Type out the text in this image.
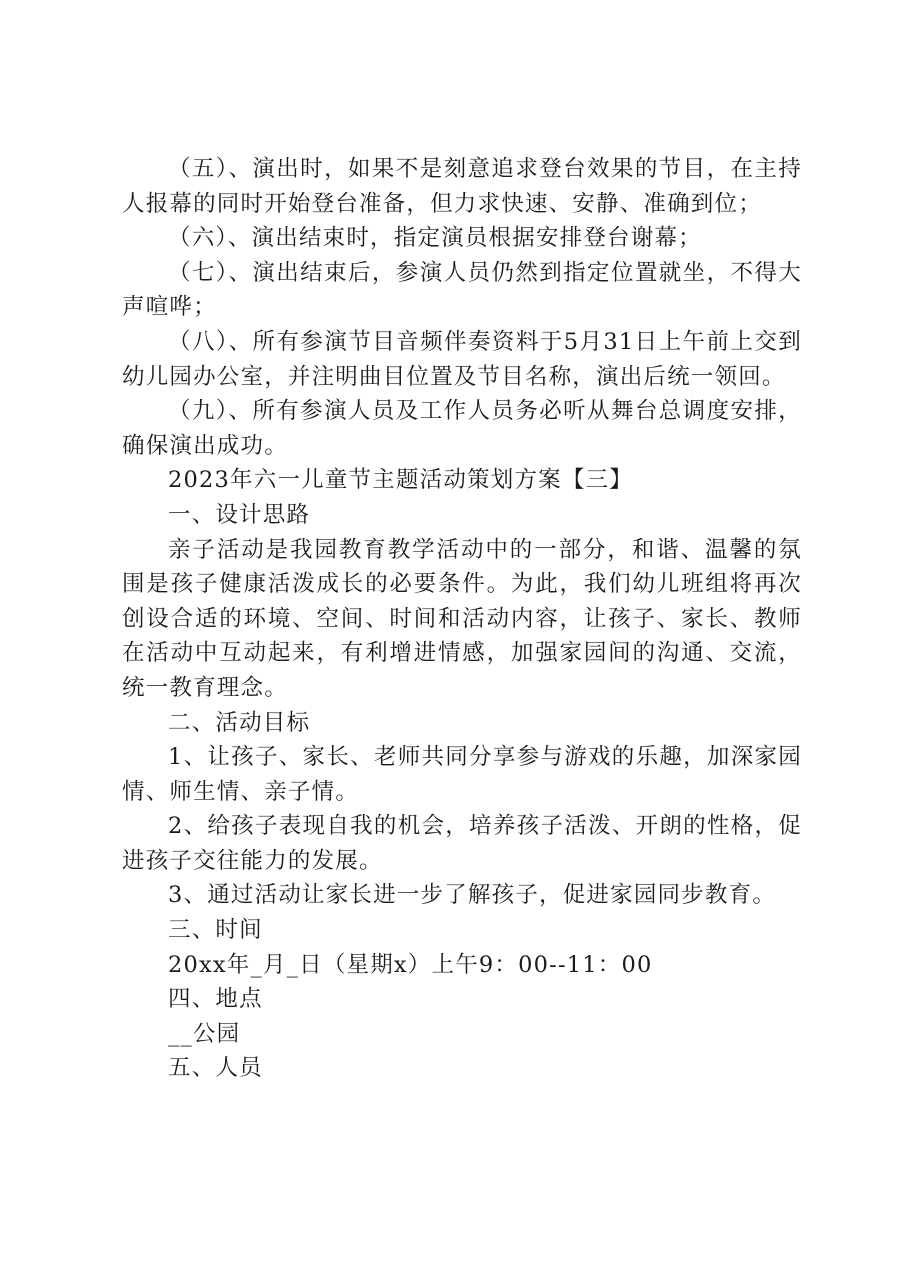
（五）、演出时，如果不是刻意追求登台效果的节目，在主持人报幕的同时开始登台准备，但力求快速、安静、准确到位；

（六）、演出结束时，指定演员根据安排登台谢幕；

（七）、演出结束后，参演人员仍然到指定位置就坐，不得大声喧哗；

（八）、所有参演节目音频伴奏资料于5月31日上午前上交到幼儿园办公室，并注明曲目位置及节目名称，演出后统一领回。

（九）、所有参演人员及工作人员务必听从舞台总调度安排，确保演出成功。

2023年六一儿童节主题活动策划方案【三】

一、设计思路

亲子活动是我园教育教学活动中的一部分，和谐、温馨的氛围是孩子健康活泼成长的必要条件。为此，我们幼儿班组将再次创设合适的环境、空间、时间和活动内容，让孩子、家长、教师在活动中互动起来，有利增进情感，加强家园间的沟通、交流，统一教育理念。

二、活动目标

1、让孩子、家长、老师共同分享参与游戏的乐趣，加深家园情、师生情、亲子情。

2、给孩子表现自我的机会，培养孩子活泼、开朗的性格，促进孩子交往能力的发展。

3、通过活动让家长进一步了解孩子，促进家园同步教育。

三、时间

20xx年_月_日（星期x）上午9：00--11：00

四、地点

__公园

五、人员
